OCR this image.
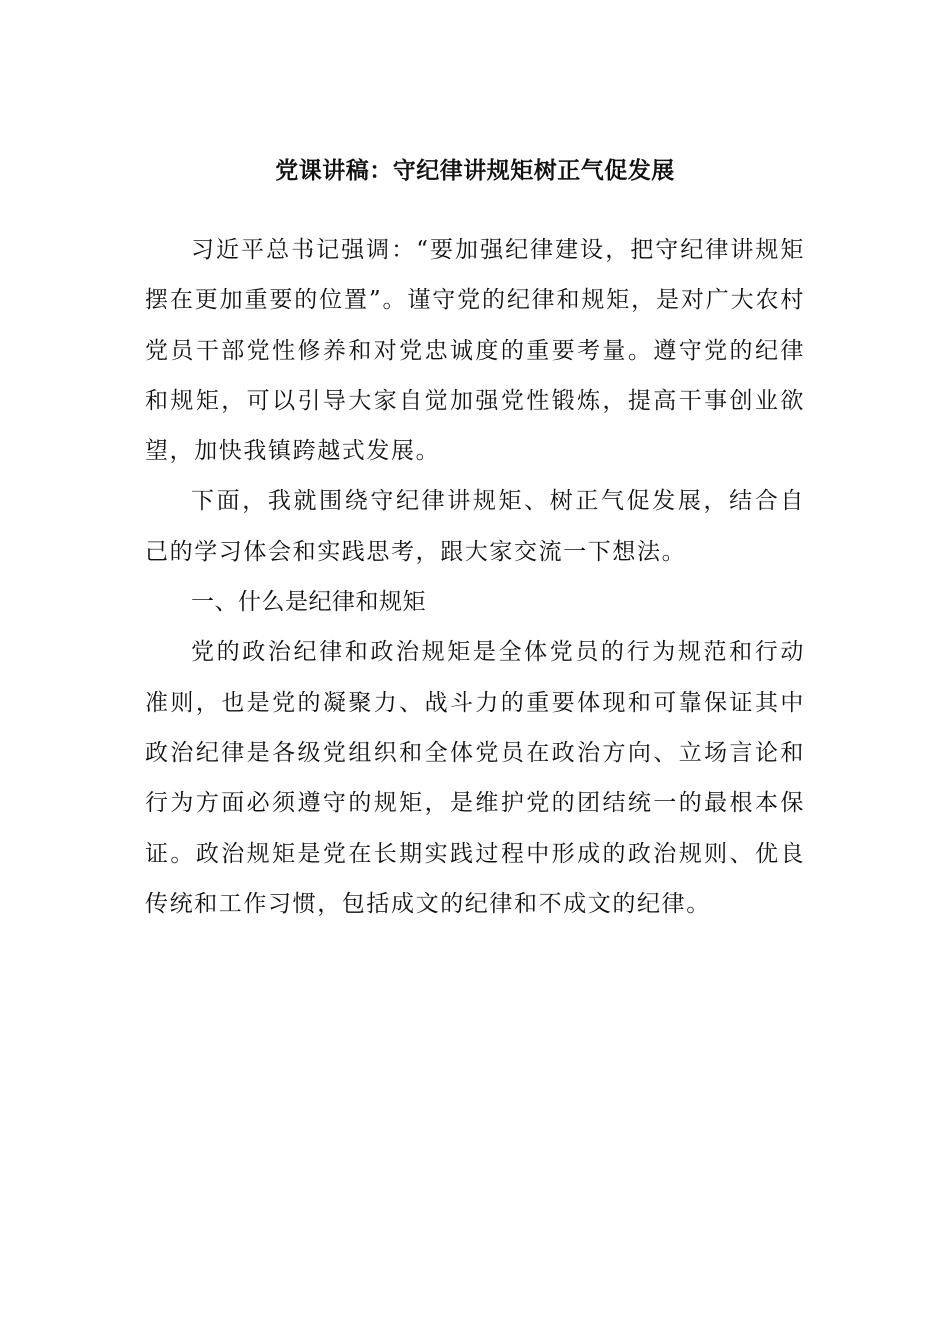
党课讲稿：守纪律讲规矩树正气促发展

习近平总书记强调：“要加强纪律建设，把守纪律讲规矩摆在更加重要的位置”。谨守党的纪律和规矩，是对广大农村党员干部党性修养和对党忠诚度的重要考量。遵守党的纪律和规矩，可以引导大家自觉加强党性锻炼，提高干事创业欲望，加快我镇跨越式发展。

下面，我就围绕守纪律讲规矩、树正气促发展，结合自己的学习体会和实践思考，跟大家交流一下想法。

一、什么是纪律和规矩

党的政治纪律和政治规矩是全体党员的行为规范和行动准则，也是党的凝聚力、战斗力的重要体现和可靠保证其中政治纪律是各级党组织和全体党员在政治方向、立场言论和行为方面必须遵守的规矩，是维护党的团结统一的最根本保证。政治规矩是党在长期实践过程中形成的政治规则、优良传统和工作习惯，包括成文的纪律和不成文的纪律。
